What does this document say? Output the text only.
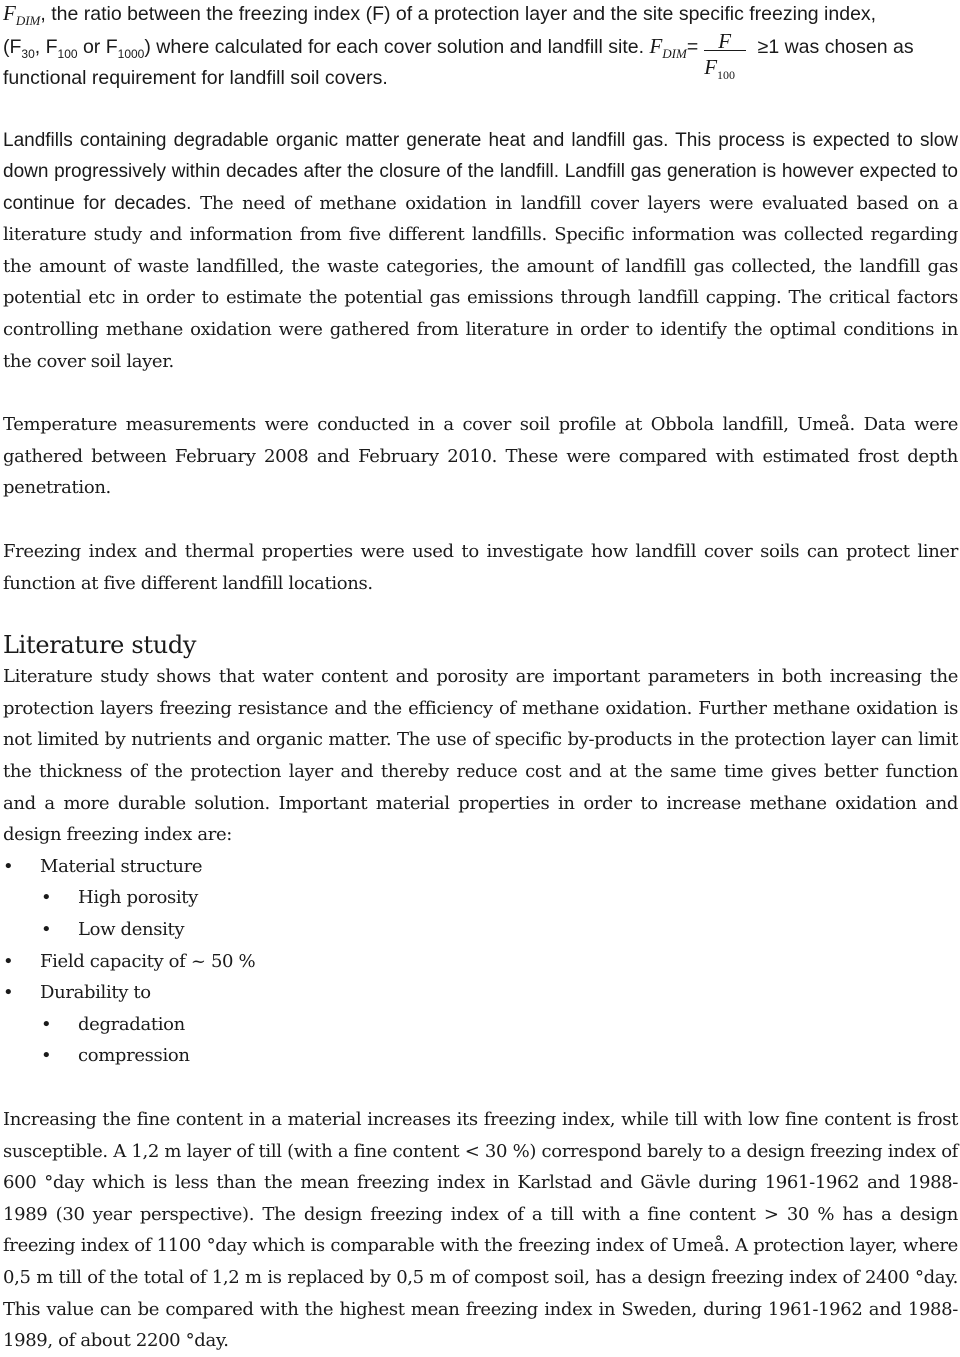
$F_{DIM}$, the ratio between the freezing index (F) of a protection layer and the site specific freezing index,

($F_{30}$, $F_{100}$ or $F_{1000}$) where calculated for each cover solution and landfill site. $F_{DIM}= \frac{F}{F_{100}} \ge 1$ was chosen as

functional requirement for landfill soil covers.

Landfills containing degradable organic matter generate heat and landfill gas. This process is expected to slow down progressively within decades after the closure of the landfill. Landfill gas generation is however expected to continue for decades. The need of methane oxidation in landfill cover layers were evaluated based on a literature study and information from five different landfills. Specific information was collected regarding the amount of waste landfilled, the waste categories, the amount of landfill gas collected, the landfill gas potential etc in order to estimate the potential gas emissions through landfill capping. The critical factors controlling methane oxidation were gathered from literature in order to identify the optimal conditions in the cover soil layer.

Temperature measurements were conducted in a cover soil profile at Obbola landfill, Umeå. Data were gathered between February 2008 and February 2010. These were compared with estimated frost depth penetration.

Freezing index and thermal properties were used to investigate how landfill cover soils can protect liner function at five different landfill locations.

Literature study

Literature study shows that water content and porosity are important parameters in both increasing the protection layers freezing resistance and the efficiency of methane oxidation. Further methane oxidation is not limited by nutrients and organic matter. The use of specific by-products in the protection layer can limit the thickness of the protection layer and thereby reduce cost and at the same time gives better function and a more durable solution. Important material properties in order to increase methane oxidation and design freezing index are:

• Material structure
• High porosity
• Low density
• Field capacity of ~ 50 %
• Durability to
• degradation
• compression

Increasing the fine content in a material increases its freezing index, while till with low fine content is frost susceptible. A 1,2 m layer of till (with a fine content < 30 %) correspond barely to a design freezing index of 600 °day which is less than the mean freezing index in Karlstad and Gävle during 1961-1962 and 1988-1989 (30 year perspective). The design freezing index of a till with a fine content > 30 % has a design freezing index of 1100 °day which is comparable with the freezing index of Umeå. A protection layer, where 0,5 m till of the total of 1,2 m is replaced by 0,5 m of compost soil, has a design freezing index of 2400 °day. This value can be compared with the highest mean freezing index in Sweden, during 1961-1962 and 1988-1989, of about 2200 °day.
